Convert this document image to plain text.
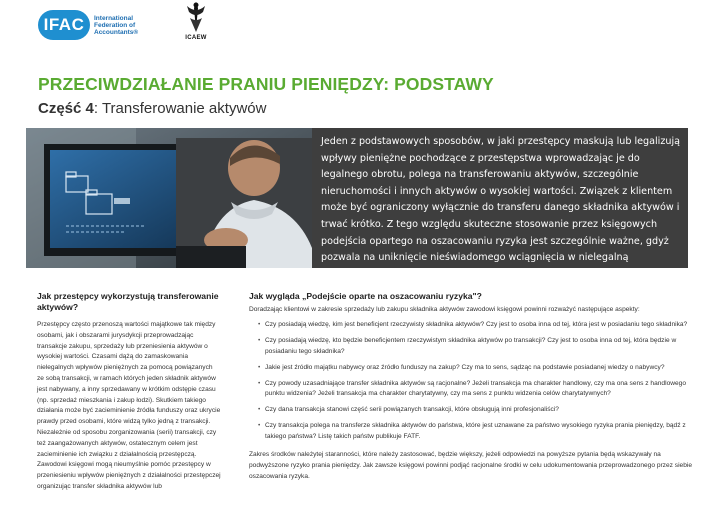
IFAC	International Federation of Accountants®
ICAEW
PRZECIWDZIAŁANIE PRANIU PIENIĘDZY: PODSTAWY
Część 4: Transferowanie aktywów

Jeden z podstawowych sposobów, w jaki przestępcy maskują lub legalizują wpływy pieniężne pochodzące z przestępstwa wprowadzając je do legalnego obrotu, polega na transferowaniu aktywów, szczególnie nieruchomości i innych aktywów o wysokiej wartości. Związek z klientem może być ograniczony wyłącznie do transferu danego składnika aktywów i trwać krótko. Z tego względu skuteczne stosowanie przez księgowych podejścia opartego na oszacowaniu ryzyka jest szczególnie ważne, gdyż pozwala na uniknięcie nieświadomego wciągnięcia w nielegalną działalność.

Jak przestępcy wykorzystują transferowanie aktywów?

Przestępcy często przenoszą wartości majątkowe tak między osobami, jak i obszarami jurysdykcji przeprowadzając transakcje zakupu, sprzedaży lub przeniesienia aktywów o wysokiej wartości. Czasami dążą do zamaskowania nielegalnych wpływów pieniężnych za pomocą powiązanych ze sobą transakcji, w ramach których jeden składnik aktywów jest nabywany, a inny sprzedawany w krótkim odstępie czasu (np. sprzedaż mieszkania i zakup łodzi). Skutkiem takiego działania może być zacieminienie źródła funduszy oraz ukrycie prawdy przed osobami, które widzą tylko jedną z transakcji. Niezależnie od sposobu zorganizowania (serii) transakcji, czy też zaangażowanych aktywów, ostatecznym celem jest zacieminienie ich związku z działalnością przestępczą. Zawodowi księgowi mogą nieumyślnie pomóc przestępcy w przeniesieniu wpływów pieniężnych z działalności przestępczej organizując transfer składnika aktywów lub

Jak wygląda „Podejście oparte na oszacowaniu ryzyka"?

Doradzając klientowi w zakresie sprzedaży lub zakupu składnika aktywów zawodowi księgowi powinni rozważyć następujące aspekty:

• Czy posiadają wiedzę, kim jest beneficjent rzeczywisty składnika aktywów? Czy jest to osoba inna od tej, która jest w posiadaniu tego składnika?
• Czy posiadają wiedzę, kto będzie beneficjentem rzeczywistym składnika aktywów po transakcji? Czy jest to osoba inna od tej, która będzie w posiadaniu tego składnika?
• Jakie jest źródło majątku nabywcy oraz źródło funduszy na zakup? Czy ma to sens, sądząc na podstawie posiadanej wiedzy o nabywcy?
• Czy powody uzasadniające transfer składnika aktywów są racjonalne? Jeżeli transakcja ma charakter handlowy, czy ma ona sens z handlowego punktu widzenia? Jeżeli transakcja ma charakter charytatywny, czy ma sens z punktu widzenia celów charytatywnych?
• Czy dana transakcja stanowi część serii powiązanych transakcji, które obsługują inni profesjonaliści?
• Czy transakcja polega na transferze składnika aktywów do państwa, które jest uznawane za państwo wysokiego ryzyka prania pieniędzy, bądź z takiego państwa? Listę takich państw publikuje FATF.

Zakres środków należytej staranności, które należy zastosować, będzie większy, jeżeli odpowiedzi na powyższe pytania będą wskazywały na podwyższone ryzyko prania pieniędzy. Jak zawsze księgowi powinni podjąć racjonalne środki w celu udokumentowania przeprowadzonego przez siebie oszacowania ryzyka.
